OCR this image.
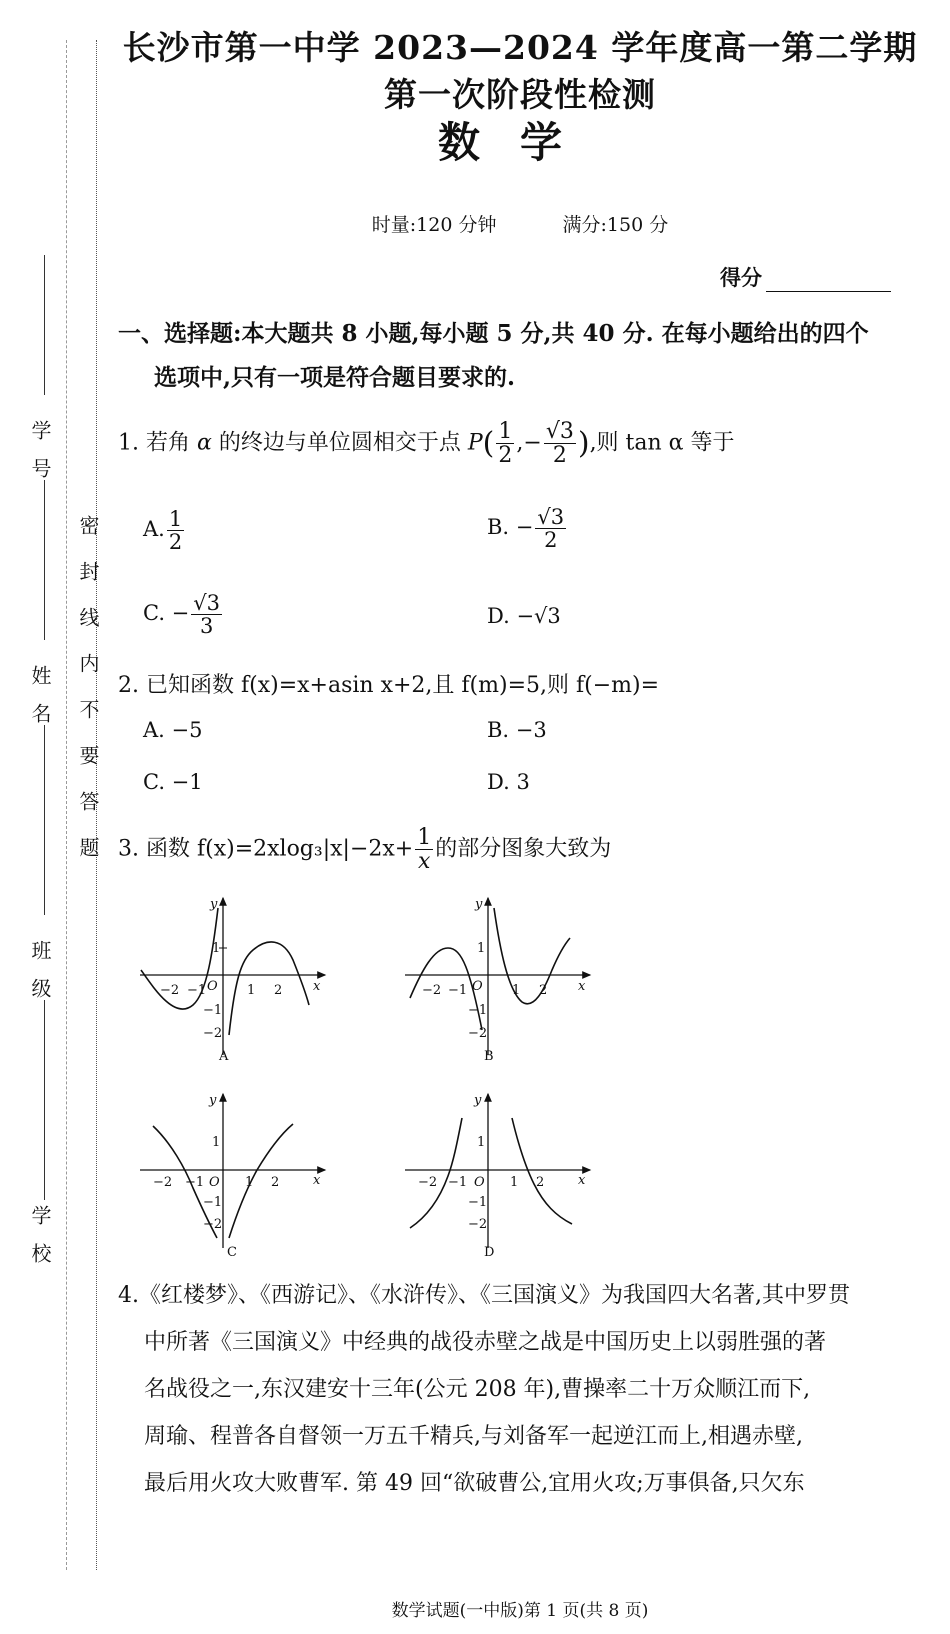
学号
姓名
班级
学校
密封线内不要答题
长沙市第一中学 2023—2024 学年度高一第二学期第一次阶段性检测
数学
时量:120 分钟	满分:150 分
得分
一、选择题:本大题共 8 小题,每小题 5 分,共 40 分. 在每小题给出的四个
选项中,只有一项是符合题目要求的.
1. 若角 α 的终边与单位圆相交于点 $P( \frac{1}{2}$ ,− $\frac{√3}{2}$ ),则 tan α 等于
A. $\frac{1}{2}$	B. − $\frac{√3}{2}$
C. − $\frac{√3}{3}$	D. −√3
2. 已知函数 f(x)=x+asin x+2,且 f(m)=5,则 f(−m)=
A. −5	B. −3
C. −1	D. 3
3. 函数 $f(x)=2xlog_3|x|-2x+ \frac{1}{x}$ 的部分图象大致为
x
y
O
−2 −1	1 2
1
−1
−2
A
x
y
O
−2 −1	1 2
1
−1
−2
B
x
y
O
−2 −1	1 2
1
−1
−2
C
x
y
O
−2 −1	1 2
1
−1
−2
D
4.《红楼梦》、《西游记》、《水浒传》、《三国演义》为我国四大名著,其中罗贯
中所著《三国演义》中经典的战役赤壁之战是中国历史上以弱胜强的著
名战役之一,东汉建安十三年(公元 208 年),曹操率二十万众顺江而下,
周瑜、程普各自督领一万五千精兵,与刘备军一起逆江而上,相遇赤壁,
最后用火攻大败曹军. 第 49 回“欲破曹公,宜用火攻;万事俱备,只欠东
数学试题(一中版)第 1 页(共 8 页)
